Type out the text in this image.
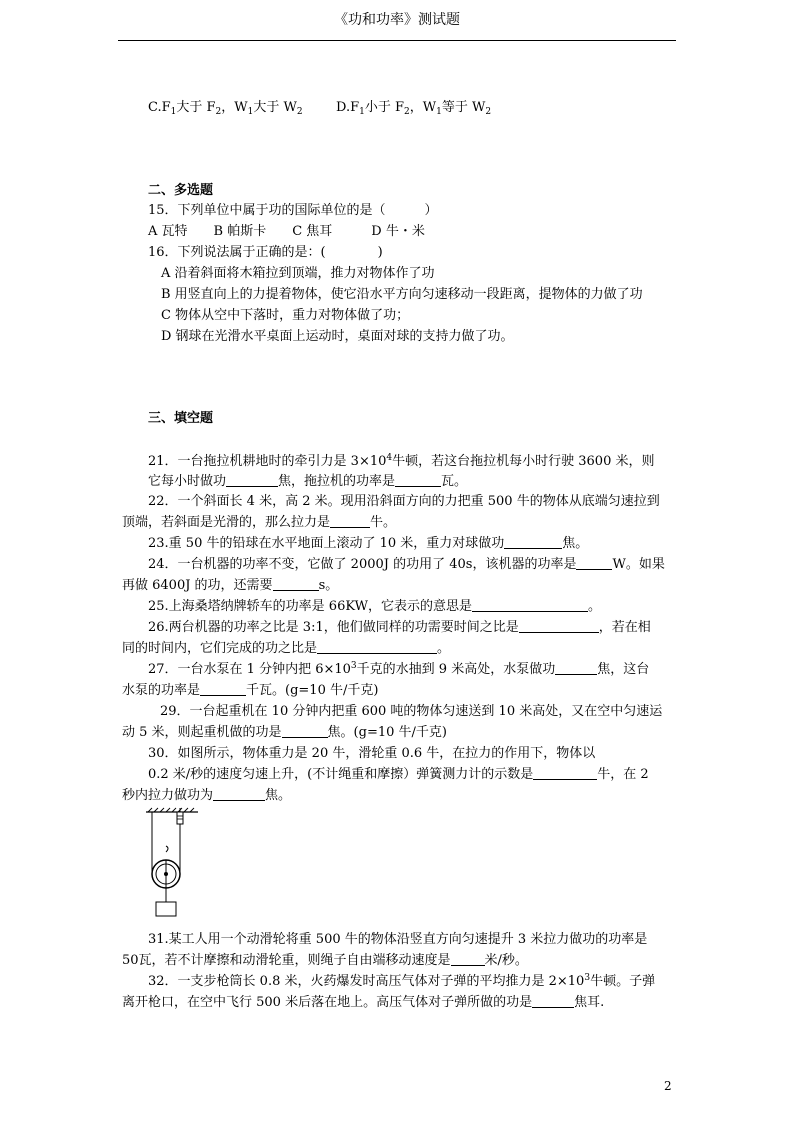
《功和功率》测试题
$C.F_1$大于 $F_2$，$W_1$大于 $W_2$	$D.F_1$小于 $F_2$，$W_1$等于 $W_2$
二、多选题
15．下列单位中属于功的国际单位的是（　　　）
A 瓦特　　B 帕斯卡　　C 焦耳　　　D 牛・米
16．下列说法属于正确的是：(　　　　)
A 沿着斜面将木箱拉到顶端，推力对物体作了功
B 用竖直向上的力提着物体，使它沿水平方向匀速移动一段距离，提物体的力做了功
C 物体从空中下落时，重力对物体做了功；
D 钢球在光滑水平桌面上运动时，桌面对球的支持力做了功。
三、填空题
21．一台拖拉机耕地时的牵引力是 $3\times 10^4$牛顿，若这台拖拉机每小时行驶 3600 米，则
它每小时做功	焦，拖拉机的功率是	瓦。
22．一个斜面长 4 米，高 2 米。现用沿斜面方向的力把重 500 牛的物体从底端匀速拉到
顶端，若斜面是光滑的，那么拉力是	牛。
23.重 50 牛的铅球在水平地面上滚动了 10 米，重力对球做功	焦。
24．一台机器的功率不变，它做了 2000J 的功用了 40s，该机器的功率是	W。如果
再做 6400J 的功，还需要	s。
25.上海桑塔纳牌轿车的功率是 66KW，它表示的意思是	。
26.两台机器的功率之比是 3:1，他们做同样的功需要时间之比是	，若在相
同的时间内，它们完成的功之比是	。
27．一台水泵在 1 分钟内把 $6\times 10^3$千克的水抽到 9 米高处，水泵做功	焦，这台
水泵的功率是	千瓦。(g=10 牛/千克)
29．一台起重机在 10 分钟内把重 600 吨的物体匀速送到 10 米高处，又在空中匀速运
动 5 米，则起重机做的功是	焦。(g=10 牛/千克)
30．如图所示，物体重力是 20 牛，滑轮重 0.6 牛，在拉力的作用下，物体以
0.2 米/秒的速度匀速上升，(不计绳重和摩擦）弹簧测力计的示数是	牛，在 2
秒内拉力做功为	焦。
31.某工人用一个动滑轮将重 500 牛的物体沿竖直方向匀速提升 3 米拉力做功的功率是
50瓦，若不计摩擦和动滑轮重，则绳子自由端移动速度是	米/秒。
32．一支步枪筒长 0.8 米，火药爆发时高压气体对子弹的平均推力是 $2\times 10^3$牛顿。子弹
离开枪口，在空中飞行 500 米后落在地上。高压气体对子弹所做的功是	焦耳.
2
